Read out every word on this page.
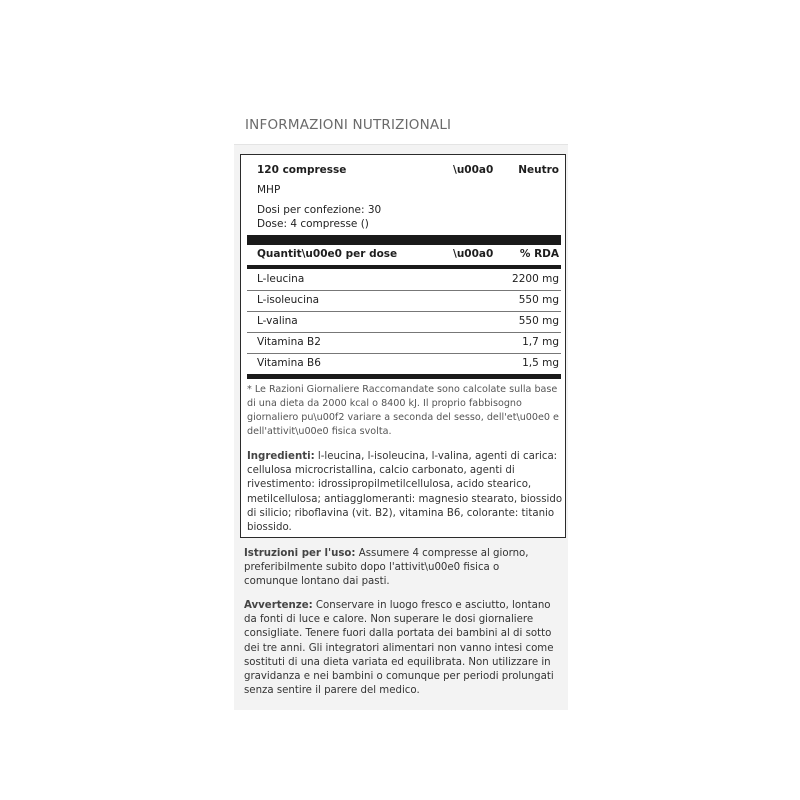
INFORMAZIONI NUTRIZIONALI
120 compresse	\u00a0 Neutro
MHP
Dosi per confezione: 30
Dose: 4 compresse ()
Quantit\u00e0 per dose	\u00a0	% RDA
L-leucina	2200 mg
L-isoleucina	550 mg
L-valina	550 mg
Vitamina B2	1,7 mg
Vitamina B6	1,5 mg
* Le Razioni Giornaliere Raccomandate sono calcolate sulla base di una dieta da 2000 kcal o 8400 kJ. Il proprio fabbisogno giornaliero pu\u00f2 variare a seconda del sesso, dell'et\u00e0 e dell'attivit\u00e0 fisica svolta.
Ingredienti: l-leucina, l-isoleucina, l-valina, agenti di carica: cellulosa microcristallina, calcio carbonato, agenti di rivestimento: idrossipropilmetilcellulosa, acido stearico, metilcellulosa; antiagglomeranti: magnesio stearato, biossido di silicio; riboflavina (vit. B2), vitamina B6, colorante: titanio biossido.
Istruzioni per l'uso: Assumere 4 compresse al giorno, preferibilmente subito dopo l'attivit\u00e0 fisica o comunque lontano dai pasti.
Avvertenze: Conservare in luogo fresco e asciutto, lontano da fonti di luce e calore. Non superare le dosi giornaliere consigliate. Tenere fuori dalla portata dei bambini al di sotto dei tre anni. Gli integratori alimentari non vanno intesi come sostituti di una dieta variata ed equilibrata. Non utilizzare in gravidanza e nei bambini o comunque per periodi prolungati senza sentire il parere del medico.
